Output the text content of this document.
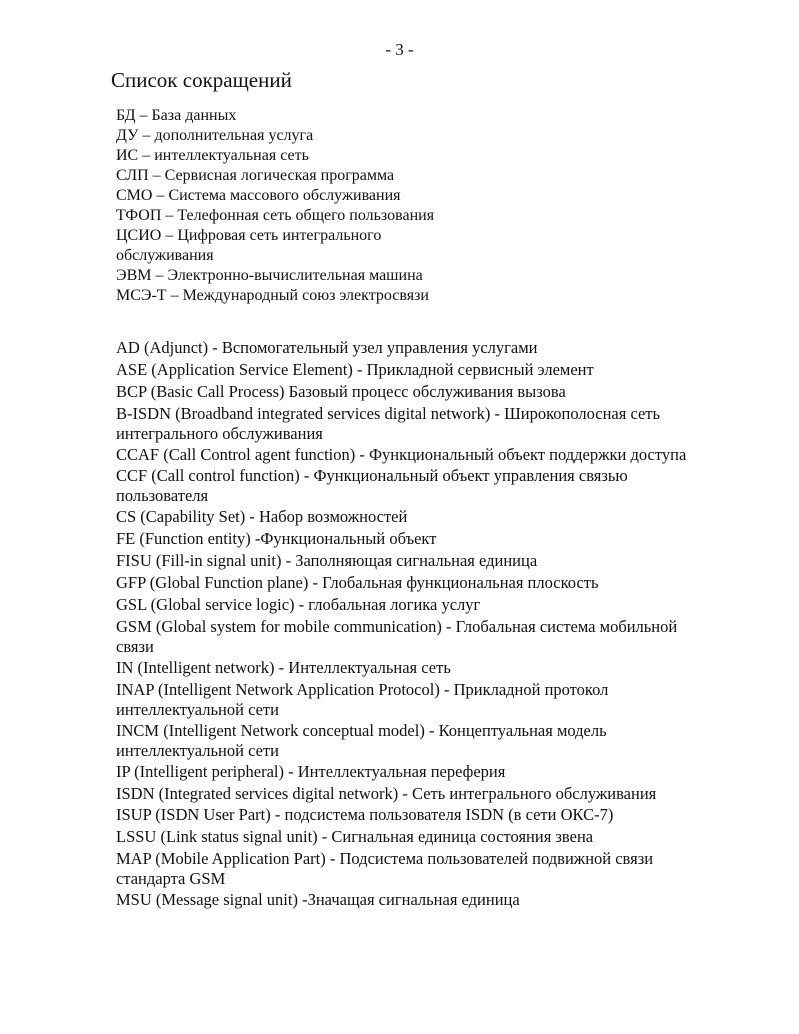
- 3 -
Список сокращений
БД – База данных
ДУ – дополнительная услуга
ИС – интеллектуальная сеть
СЛП – Сервисная логическая программа
СМО – Система массового обслуживания
ТФОП – Телефонная сеть общего пользования
ЦСИО – Цифровая сеть интегрального
обслуживания
ЭВМ – Электронно-вычислительная машина
МСЭ-Т – Международный союз электросвязи
AD (Adjunct) - Вспомогательный узел управления услугами
ASE (Application Service Element) - Прикладной сервисный элемент
BCP (Basic Call Process) Базовый процесс обслуживания вызова
B-ISDN (Broadband integrated services digital network) - Широкополосная сеть интегрального обслуживания
CCAF (Call Control agent function) - Функциональный объект поддержки доступа
CCF (Call control function) - Функциональный объект управления связью пользователя
CS (Capability Set) - Набор возможностей
FE (Function entity) -Функциональный объект
FISU (Fill-in signal unit) - Заполняющая сигнальная единица
GFP (Global Function plane) - Глобальная функциональная плоскость
GSL (Global service logic) - глобальная логика услуг
GSM (Global system for mobile communication) - Глобальная система мобильной связи
IN (Intelligent network) - Интеллектуальная сеть
INAP (Intelligent Network Application Protocol) - Прикладной протокол интеллектуальной сети
INCM (Intelligent Network conceptual model) - Концептуальная модель интеллектуальной сети
IP (Intelligent peripheral) - Интеллектуальная переферия
ISDN (Integrated services digital network) - Сеть интегрального обслуживания
ISUP (ISDN User Part) - подсистема пользователя ISDN (в сети ОКС-7)
LSSU (Link status signal unit) - Сигнальная единица состояния звена
MAP (Mobile Application Part) - Подсистема пользователей подвижной связи стандарта GSM
MSU (Message signal unit) -Значащая сигнальная единица
